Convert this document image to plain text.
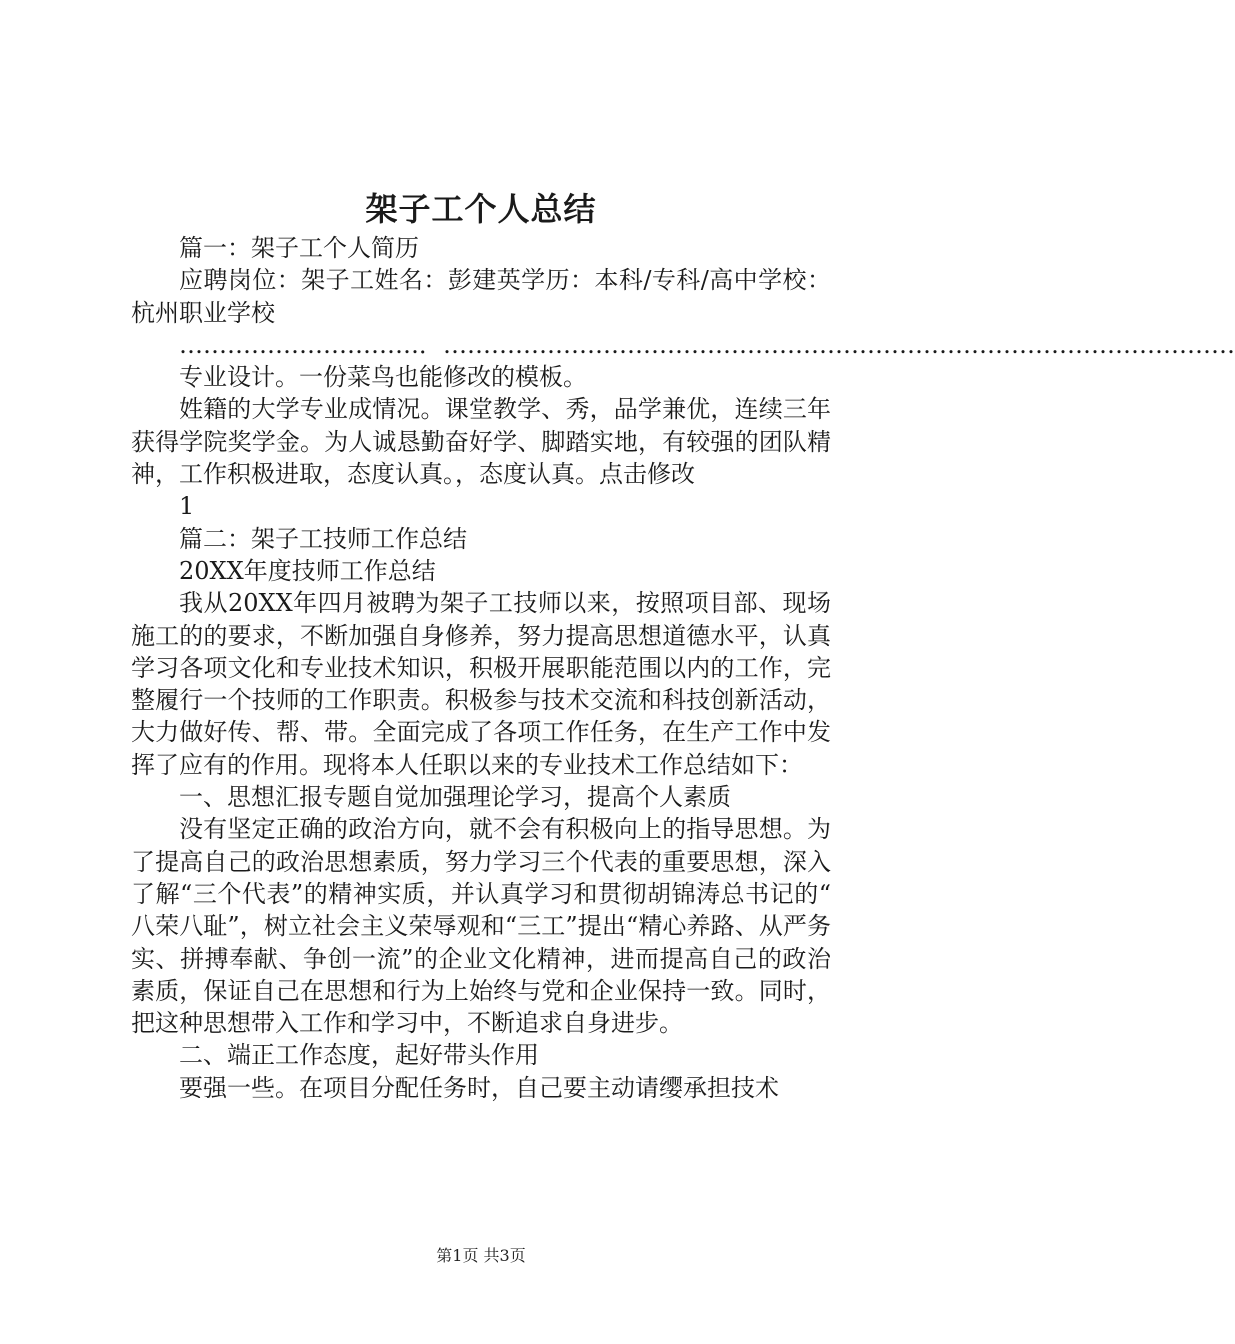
架子工个人总结

篇一：架子工个人简历

应聘岗位：架子工姓名：彭建英学历：本科/专科/高中学校：杭州职业学校

…………………………．………………………………………………………………………………………

专业设计。一份菜鸟也能修改的模板。

姓籍的大学专业成情况。课堂教学、秀，品学兼优，连续三年获得学院奖学金。为人诚恳勤奋好学、脚踏实地，有较强的团队精神，工作积极进取，态度认真。，态度认真。点击修改

1

篇二：架子工技师工作总结

20XX年度技师工作总结

我从20XX年四月被聘为架子工技师以来，按照项目部、现场施工的的要求，不断加强自身修养，努力提高思想道德水平，认真学习各项文化和专业技术知识，积极开展职能范围以内的工作，完整履行一个技师的工作职责。积极参与技术交流和科技创新活动，大力做好传、帮、带。全面完成了各项工作任务，在生产工作中发挥了应有的作用。现将本人任职以来的专业技术工作总结如下：

一、思想汇报专题自觉加强理论学习，提高个人素质

没有坚定正确的政治方向，就不会有积极向上的指导思想。为了提高自己的政治思想素质，努力学习三个代表的重要思想，深入了解“三个代表”的精神实质，并认真学习和贯彻胡锦涛总书记的“八荣八耻”，树立社会主义荣辱观和“三工”提出“精心养路、从严务实、拼搏奉献、争创一流”的企业文化精神，进而提高自己的政治素质，保证自己在思想和行为上始终与党和企业保持一致。同时，把这种思想带入工作和学习中，不断追求自身进步。

二、端正工作态度，起好带头作用

要强一些。在项目分配任务时，自己要主动请缨承担技术

第1页 共3页
